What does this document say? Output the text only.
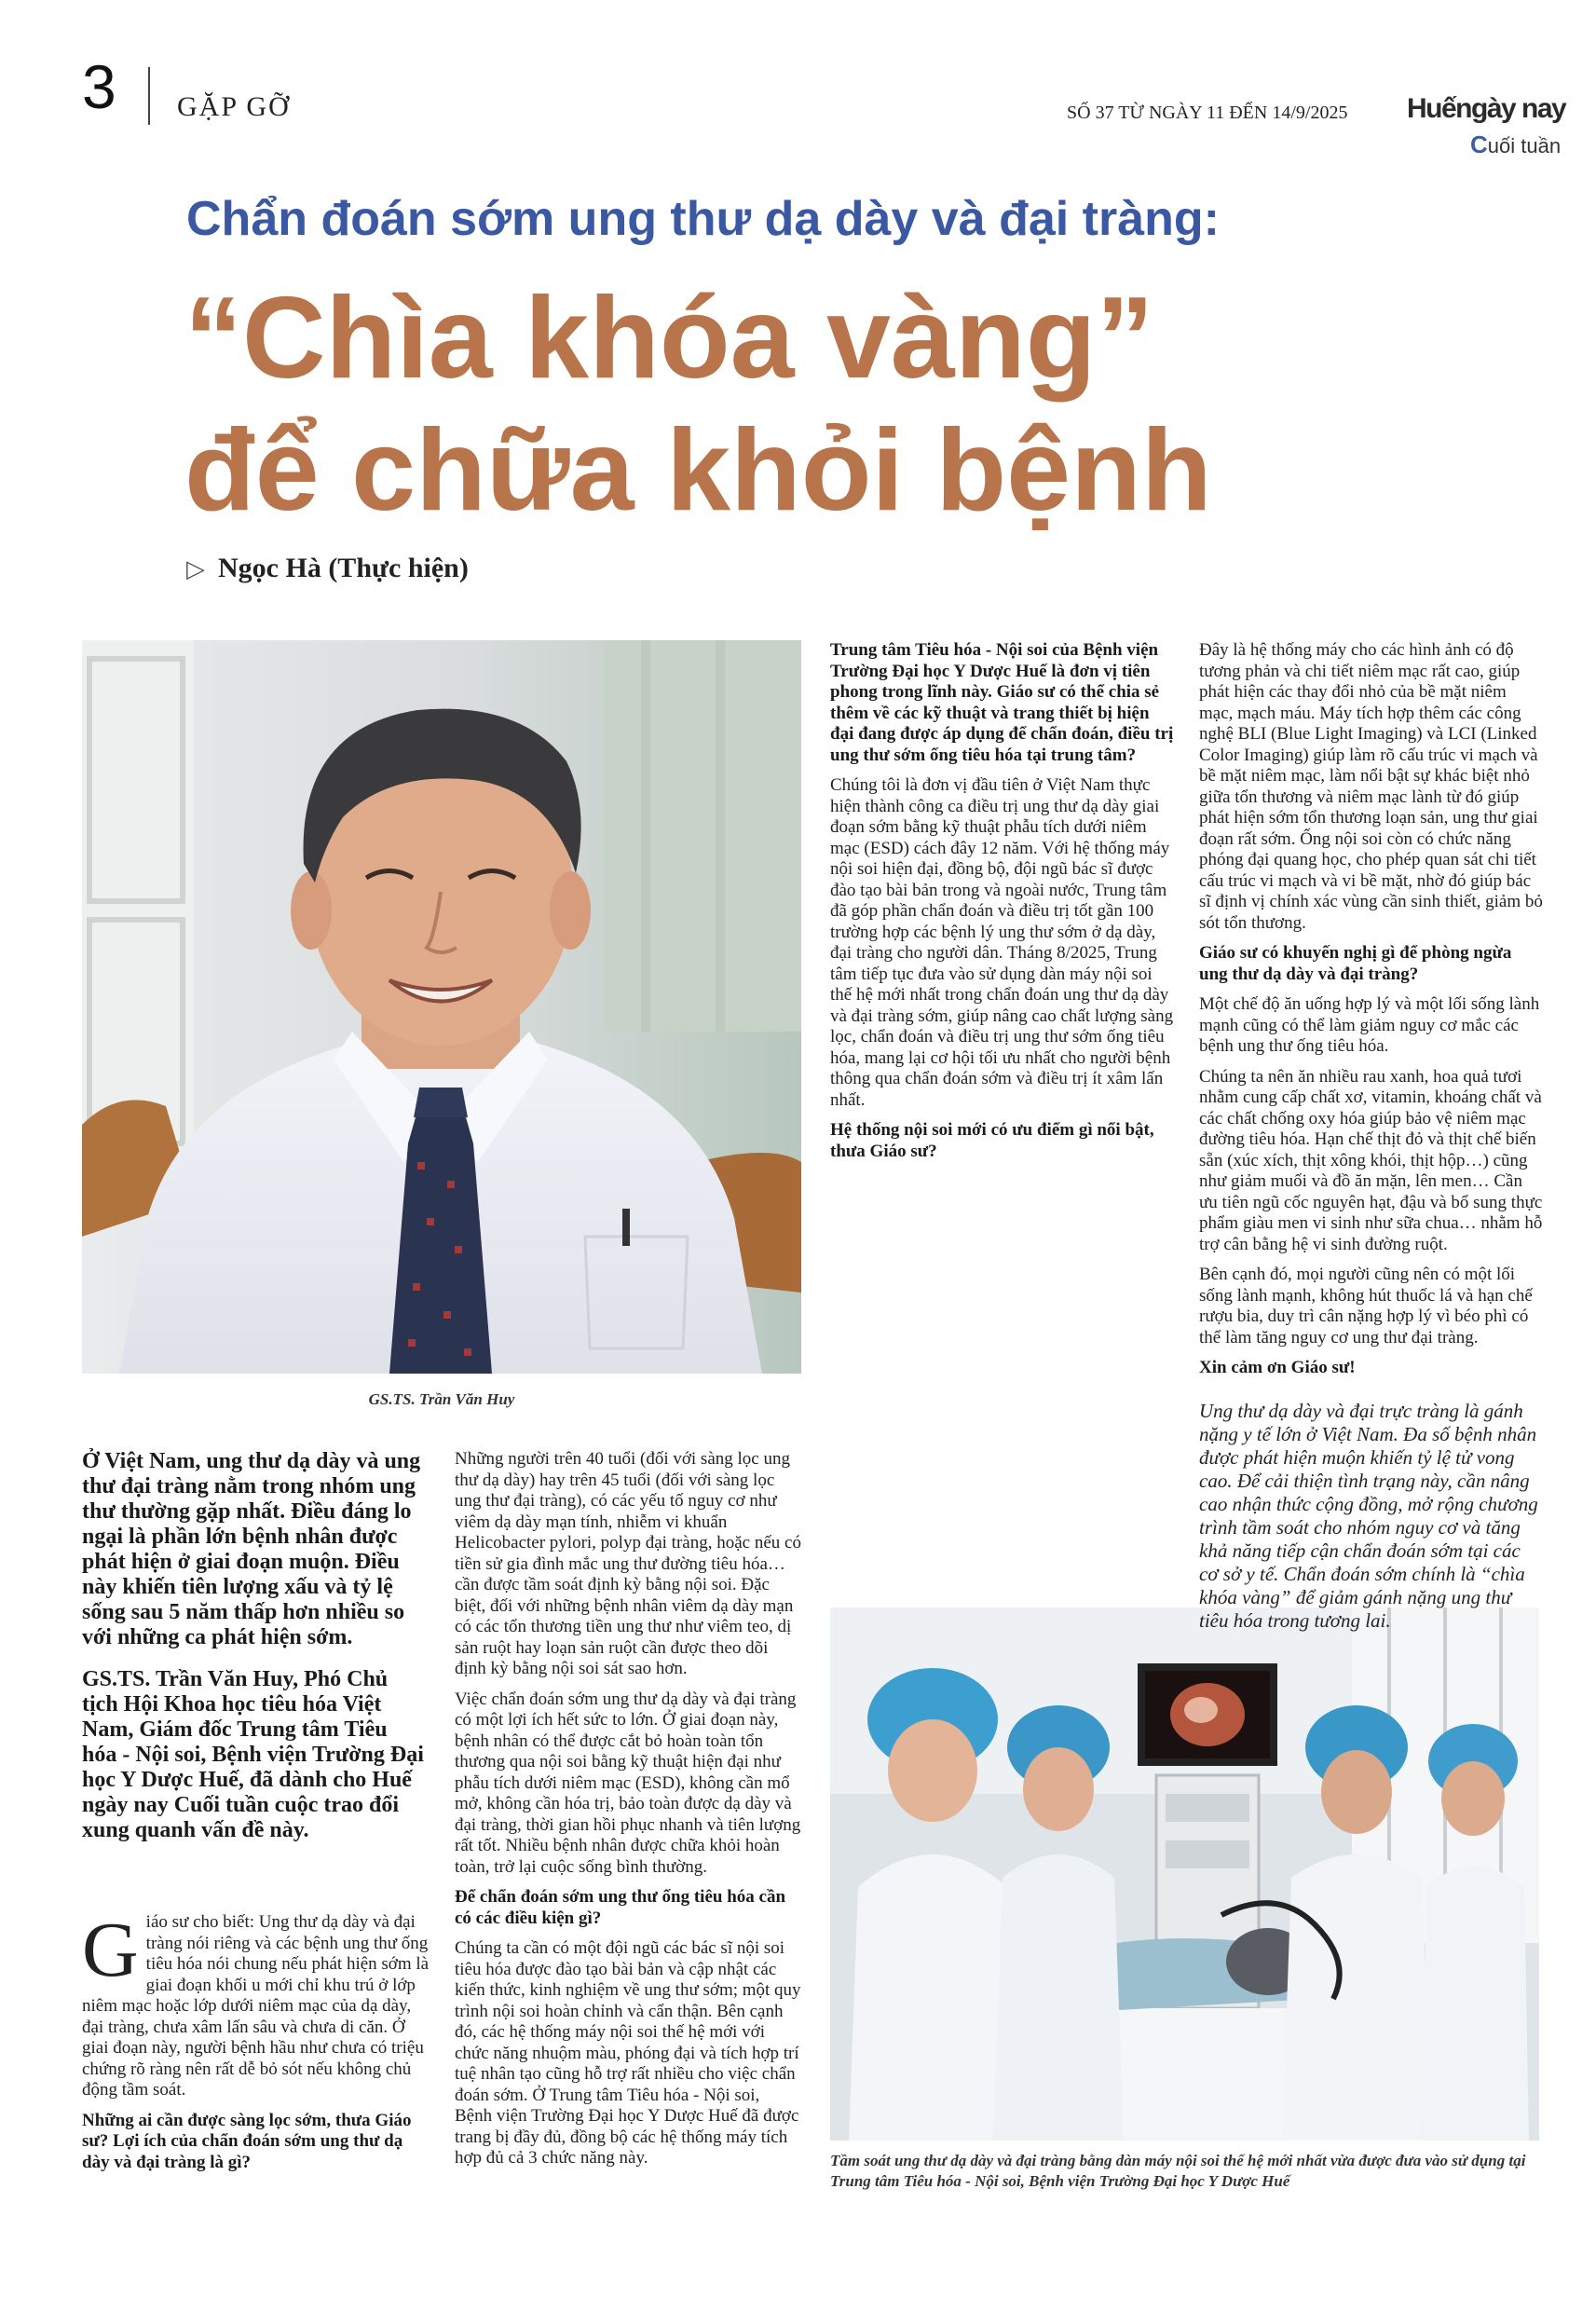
3 GẶP GỠ	SỐ 37 TỪ NGÀY 11 ĐẾN 14/9/2025 Huếngày nay
Cuối tuần
Chẩn đoán sớm ung thư dạ dày và đại tràng:
“Chìa khóa vàng”
để chữa khỏi bệnh
▷ Ngọc Hà (Thực hiện)
GS.TS. Trần Văn Huy
Tầm soát ung thư dạ dày và đại tràng bằng dàn máy nội soi thế hệ mới nhất vừa được đưa vào sử dụng tại Trung tâm Tiêu hóa - Nội soi, Bệnh viện Trường Đại học Y Dược Huế

Ở Việt Nam, ung thư dạ dày và ung thư đại tràng nằm trong nhóm ung thư thường gặp nhất. Điều đáng lo ngại là phần lớn bệnh nhân được phát hiện ở giai đoạn muộn. Điều này khiến tiên lượng xấu và tỷ lệ sống sau 5 năm thấp hơn nhiều so với những ca phát hiện sớm.

GS.TS. Trần Văn Huy, Phó Chủ tịch Hội Khoa học tiêu hóa Việt Nam, Giám đốc Trung tâm Tiêu hóa - Nội soi, Bệnh viện Trường Đại học Y Dược Huế, đã dành cho Huế ngày nay Cuối tuần cuộc trao đổi xung quanh vấn đề này.

Giáo sư cho biết: Ung thư dạ dày và đại tràng nói riêng và các bệnh ung thư ống tiêu hóa nói chung nếu phát hiện sớm là giai đoạn khối u mới chỉ khu trú ở lớp niêm mạc hoặc lớp dưới niêm mạc của dạ dày, đại tràng, chưa xâm lấn sâu và chưa di căn. Ở giai đoạn này, người bệnh hầu như chưa có triệu chứng rõ ràng nên rất dễ bỏ sót nếu không chủ động tầm soát.

Những ai cần được sàng lọc sớm, thưa Giáo sư? Lợi ích của chẩn đoán sớm ung thư dạ dày và đại tràng là gì?

Những người trên 40 tuổi (đối với sàng lọc ung thư dạ dày) hay trên 45 tuổi (đối với sàng lọc ung thư đại tràng), có các yếu tố nguy cơ như viêm dạ dày mạn tính, nhiễm vi khuẩn Helicobacter pylori, polyp đại tràng, hoặc nếu có tiền sử gia đình mắc ung thư đường tiêu hóa… cần được tầm soát định kỳ bằng nội soi. Đặc biệt, đối với những bệnh nhân viêm dạ dày mạn có các tổn thương tiền ung thư như viêm teo, dị sản ruột hay loạn sản ruột cần được theo dõi định kỳ bằng nội soi sát sao hơn.

Việc chẩn đoán sớm ung thư dạ dày và đại tràng có một lợi ích hết sức to lớn. Ở giai đoạn này, bệnh nhân có thể được cắt bỏ hoàn toàn tổn thương qua nội soi bằng kỹ thuật hiện đại như phẫu tích dưới niêm mạc (ESD), không cần mổ mở, không cần hóa trị, bảo toàn được dạ dày và đại tràng, thời gian hồi phục nhanh và tiên lượng rất tốt. Nhiều bệnh nhân được chữa khỏi hoàn toàn, trở lại cuộc sống bình thường.

Để chẩn đoán sớm ung thư ống tiêu hóa cần có các điều kiện gì?

Chúng ta cần có một đội ngũ các bác sĩ nội soi tiêu hóa được đào tạo bài bản và cập nhật các kiến thức, kinh nghiệm về ung thư sớm; một quy trình nội soi hoàn chỉnh và cẩn thận. Bên cạnh đó, các hệ thống máy nội soi thế hệ mới với chức năng nhuộm màu, phóng đại và tích hợp trí tuệ nhân tạo cũng hỗ trợ rất nhiều cho việc chẩn đoán sớm. Ở Trung tâm Tiêu hóa - Nội soi, Bệnh viện Trường Đại học Y Dược Huế đã được trang bị đầy đủ, đồng bộ các hệ thống máy tích hợp đủ cả 3 chức năng này.

Trung tâm Tiêu hóa - Nội soi của Bệnh viện Trường Đại học Y Dược Huế là đơn vị tiên phong trong lĩnh này. Giáo sư có thể chia sẻ thêm về các kỹ thuật và trang thiết bị hiện đại đang được áp dụng để chẩn đoán, điều trị ung thư sớm ống tiêu hóa tại trung tâm?

Chúng tôi là đơn vị đầu tiên ở Việt Nam thực hiện thành công ca điều trị ung thư dạ dày giai đoạn sớm bằng kỹ thuật phẫu tích dưới niêm mạc (ESD) cách đây 12 năm. Với hệ thống máy nội soi hiện đại, đồng bộ, đội ngũ bác sĩ được đào tạo bài bản trong và ngoài nước, Trung tâm đã góp phần chẩn đoán và điều trị tốt gần 100 trường hợp các bệnh lý ung thư sớm ở dạ dày, đại tràng cho người dân. Tháng 8/2025, Trung tâm tiếp tục đưa vào sử dụng dàn máy nội soi thế hệ mới nhất trong chẩn đoán ung thư dạ dày và đại tràng sớm, giúp nâng cao chất lượng sàng lọc, chẩn đoán và điều trị ung thư sớm ống tiêu hóa, mang lại cơ hội tối ưu nhất cho người bệnh thông qua chẩn đoán sớm và điều trị ít xâm lấn nhất.

Hệ thống nội soi mới có ưu điểm gì nổi bật, thưa Giáo sư?

Đây là hệ thống máy cho các hình ảnh có độ tương phản và chi tiết niêm mạc rất cao, giúp phát hiện các thay đổi nhỏ của bề mặt niêm mạc, mạch máu. Máy tích hợp thêm các công nghệ BLI (Blue Light Imaging) và LCI (Linked Color Imaging) giúp làm rõ cấu trúc vi mạch và bề mặt niêm mạc, làm nổi bật sự khác biệt nhỏ giữa tổn thương và niêm mạc lành từ đó giúp phát hiện sớm tổn thương loạn sản, ung thư giai đoạn rất sớm. Ống nội soi còn có chức năng phóng đại quang học, cho phép quan sát chi tiết cấu trúc vi mạch và vi bề mặt, nhờ đó giúp bác sĩ định vị chính xác vùng cần sinh thiết, giảm bỏ sót tổn thương.

Giáo sư có khuyến nghị gì để phòng ngừa ung thư dạ dày và đại tràng?

Một chế độ ăn uống hợp lý và một lối sống lành mạnh cũng có thể làm giảm nguy cơ mắc các bệnh ung thư ống tiêu hóa.

Chúng ta nên ăn nhiều rau xanh, hoa quả tươi nhằm cung cấp chất xơ, vitamin, khoáng chất và các chất chống oxy hóa giúp bảo vệ niêm mạc đường tiêu hóa. Hạn chế thịt đỏ và thịt chế biến sẵn (xúc xích, thịt xông khói, thịt hộp…) cũng như giảm muối và đồ ăn mặn, lên men… Cần ưu tiên ngũ cốc nguyên hạt, đậu và bổ sung thực phẩm giàu men vi sinh như sữa chua… nhằm hỗ trợ cân bằng hệ vi sinh đường ruột.

Bên cạnh đó, mọi người cũng nên có một lối sống lành mạnh, không hút thuốc lá và hạn chế rượu bia, duy trì cân nặng hợp lý vì béo phì có thể làm tăng nguy cơ ung thư đại tràng.

Xin cảm ơn Giáo sư!

Ung thư dạ dày và đại trực tràng là gánh nặng y tế lớn ở Việt Nam. Đa số bệnh nhân được phát hiện muộn khiến tỷ lệ tử vong cao. Để cải thiện tình trạng này, cần nâng cao nhận thức cộng đồng, mở rộng chương trình tầm soát cho nhóm nguy cơ và tăng khả năng tiếp cận chẩn đoán sớm tại các cơ sở y tế. Chẩn đoán sớm chính là “chìa khóa vàng” để giảm gánh nặng ung thư tiêu hóa trong tương lai.
